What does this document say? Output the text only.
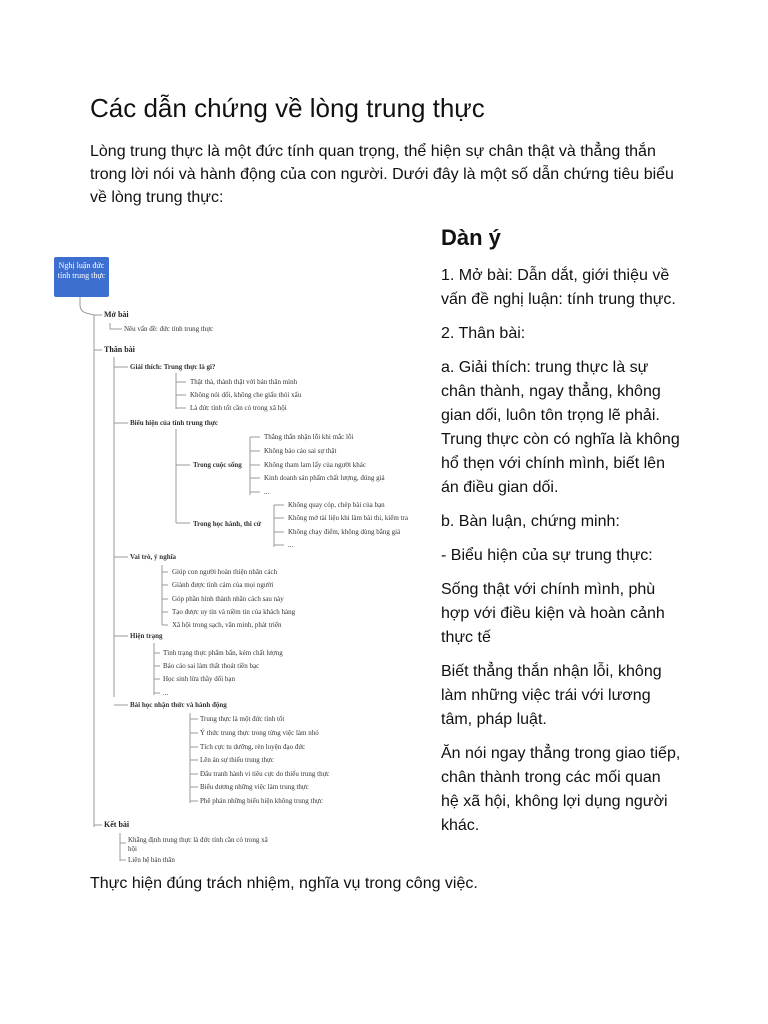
Các dẫn chứng về lòng trung thực

Lòng trung thực là một đức tính quan trọng, thể hiện sự chân thật và thẳng thắn trong lời nói và hành động của con người. Dưới đây là một số dẫn chứng tiêu biểu về lòng trung thực:

Nghị luận đức tính trung thực
Mở bài
Nêu vấn đề: đức tính trung thực
Thân bài
Giải thích: Trung thực là gì?
Thật thà, thành thật với bản thân mình
Không nói dối, không che giấu thói xấu
Là đức tính tốt cần có trong xã hội
Biểu hiện của tính trung thực
Trong cuộc sống
Thẳng thắn nhận lỗi khi mắc lỗi
Không báo cáo sai sự thật
Không tham lam lấy của người khác
Kinh doanh sản phẩm chất lượng, đúng giá
...
Trong học hành, thi cử
Không quay cóp, chép bài của bạn
Không mở tài liệu khi làm bài thi, kiểm tra
Không chạy điểm, không dùng bằng giả
...
Vai trò, ý nghĩa
Giúp con người hoàn thiện nhân cách
Giành được tình cảm của mọi người
Góp phần hình thành nhân cách sau này
Tạo được uy tín và niềm tin của khách hàng
Xã hội trong sạch, văn minh, phát triển
Hiện trạng
Tình trạng thực phẩm bẩn, kém chất lượng
Báo cáo sai làm thất thoát tiền bạc
Học sinh lừa thầy dối bạn
...
Bài học nhận thức và hành động
Trung thực là một đức tính tốt
Ý thức trung thực trong từng việc làm nhỏ
Tích cực tu dưỡng, rèn luyện đạo đức
Lên án sự thiếu trung thực
Đấu tranh hành vi tiêu cực do thiếu trung thực
Biểu dương những việc làm trung thực
Phê phán những biểu hiện không trung thực
Kết bài
Khẳng định trung thực là đức tính cần có trong xã hội
Liên hệ bản thân
Dàn ý

1. Mở bài: Dẫn dắt, giới thiệu về vấn đề nghị luận: tính trung thực.

2. Thân bài:

a. Giải thích: trung thực là sự chân thành, ngay thẳng, không gian dối, luôn tôn trọng lẽ phải. Trung thực còn có nghĩa là không hổ thẹn với chính mình, biết lên án điều gian dối.

b. Bàn luận, chứng minh:

- Biểu hiện của sự trung thực:

Sống thật với chính mình, phù hợp với điều kiện và hoàn cảnh thực tế

Biết thẳng thắn nhận lỗi, không làm những việc trái với lương tâm, pháp luật.

Ăn nói ngay thẳng trong giao tiếp, chân thành trong các mối quan hệ xã hội, không lợi dụng người khác.

Thực hiện đúng trách nhiệm, nghĩa vụ trong công việc.
